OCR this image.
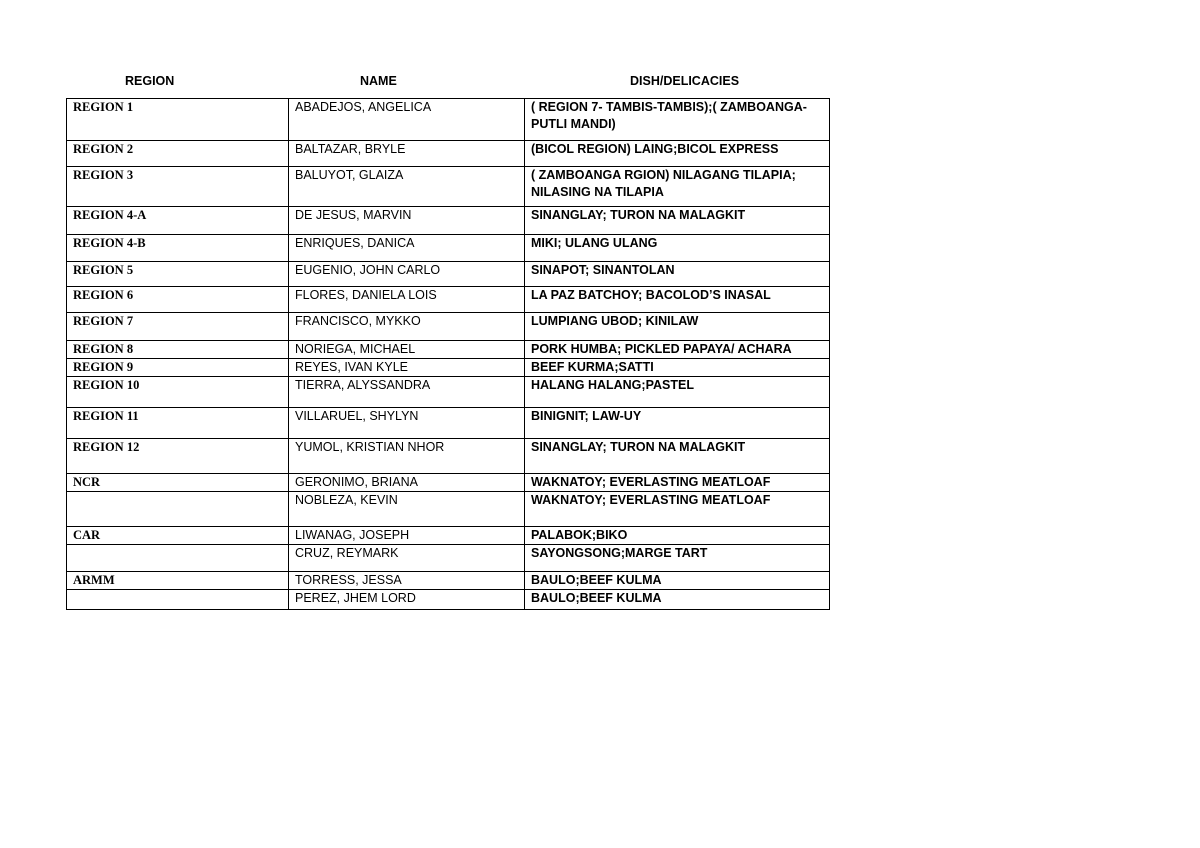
REGION	NAME	DISH/DELICACIES
REGION 1	ABADEJOS, ANGELICA	( REGION 7- TAMBIS-TAMBIS);( ZAMBOANGA-PUTLI MANDI)
REGION 2	BALTAZAR, BRYLE	(BICOL REGION) LAING;BICOL EXPRESS
REGION 3	BALUYOT, GLAIZA	( ZAMBOANGA RGION) NILAGANG TILAPIA; NILASING NA TILAPIA
REGION 4-A	DE JESUS, MARVIN	SINANGLAY; TURON NA MALAGKIT
REGION 4-B	ENRIQUES, DANICA	MIKI; ULANG ULANG
REGION 5	EUGENIO, JOHN CARLO	SINAPOT; SINANTOLAN
REGION 6	FLORES, DANIELA LOIS	LA PAZ BATCHOY; BACOLOD’S INASAL
REGION 7	FRANCISCO, MYKKO	LUMPIANG UBOD; KINILAW
REGION 8	NORIEGA, MICHAEL	PORK HUMBA; PICKLED PAPAYA/ ACHARA
REGION 9	REYES, IVAN KYLE	BEEF KURMA;SATTI
REGION 10	TIERRA, ALYSSANDRA	HALANG HALANG;PASTEL
REGION 11	VILLARUEL, SHYLYN	BINIGNIT; LAW-UY
REGION 12	YUMOL, KRISTIAN NHOR	SINANGLAY; TURON NA MALAGKIT
NCR	GERONIMO, BRIANA	WAKNATOY; EVERLASTING MEATLOAF
	NOBLEZA, KEVIN	WAKNATOY; EVERLASTING MEATLOAF
CAR	LIWANAG, JOSEPH	PALABOK;BIKO
	CRUZ, REYMARK	SAYONGSONG;MARGE TART
ARMM	TORRESS, JESSA	BAULO;BEEF KULMA
	PEREZ, JHEM LORD	BAULO;BEEF KULMA
